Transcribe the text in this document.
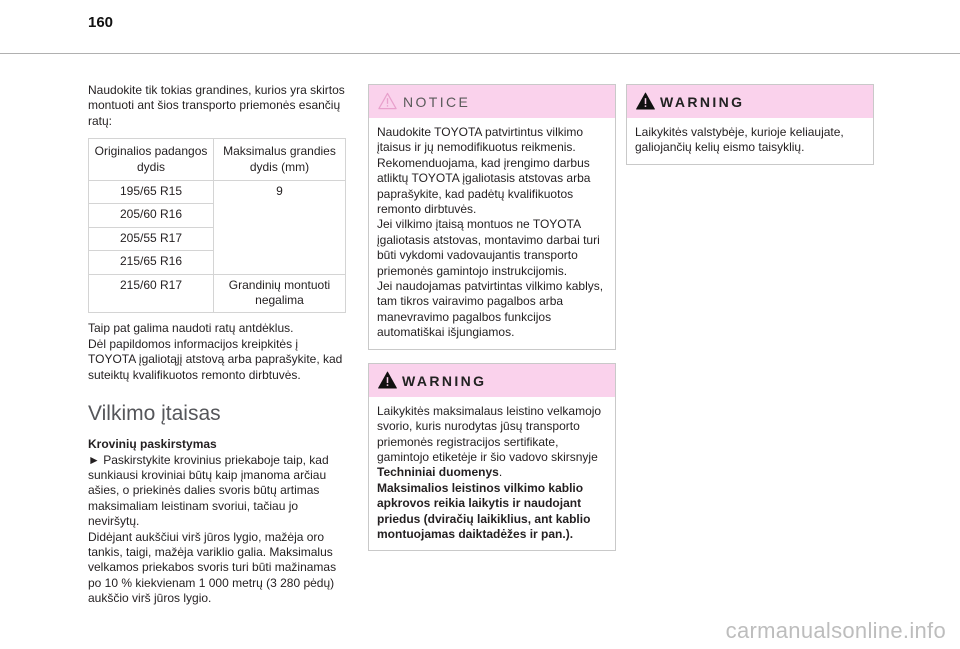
160

Naudokite tik tokias grandines, kurios yra skirtos montuoti ant šios transporto priemonės esančių ratų:

Originalios padangos dydis	Maksimalus grandies dydis (mm)
195/65 R15	9
205/60 R16	
205/55 R17	
215/65 R16	
215/60 R17	Grandinių montuoti negalima

Taip pat galima naudoti ratų antdėklus.
Dėl papildomos informacijos kreipkitės į TOYOTA įgaliotąjį atstovą arba paprašykite, kad suteiktų kvalifikuotos remonto dirbtuvės.

Vilkimo įtaisas

Krovinių paskirstymas

► Paskirstykite krovinius priekaboje taip, kad sunkiausi kroviniai būtų kaip įmanoma arčiau ašies, o priekinės dalies svoris būtų artimas maksimaliam leistinam svoriui, tačiau jo neviršytų.
Didėjant aukščiui virš jūros lygio, mažėja oro tankis, taigi, mažėja variklio galia. Maksimalus velkamos priekabos svoris turi būti mažinamas po 10 % kiekvienam 1 000 metrų (3 280 pėdų) aukščio virš jūros lygio.

NOTICE

Naudokite TOYOTA patvirtintus vilkimo įtaisus ir jų nemodifikuotus reikmenis.
Rekomenduojama, kad įrengimo darbus atliktų TOYOTA įgaliotasis atstovas arba paprašykite, kad padėtų kvalifikuotos remonto dirbtuvės.
Jei vilkimo įtaisą montuos ne TOYOTA įgaliotasis atstovas, montavimo darbai turi būti vykdomi vadovaujantis transporto priemonės gamintojo instrukcijomis.
Jei naudojamas patvirtintas vilkimo kablys, tam tikros vairavimo pagalbos arba manevravimo pagalbos funkcijos automatiškai išjungiamos.

WARNING

Laikykitės maksimalaus leistino velkamojo svorio, kuris nurodytas jūsų transporto priemonės registracijos sertifikate, gamintojo etiketėje ir šio vadovo skirsnyje Techniniai duomenys.

Maksimalios leistinos vilkimo kablio apkrovos reikia laikytis ir naudojant priedus (dviračių laikiklius, ant kablio montuojamas daiktadėžes ir pan.).

WARNING

Laikykitės valstybėje, kurioje keliaujate, galiojančių kelių eismo taisyklių.

carmanualsonline.info
